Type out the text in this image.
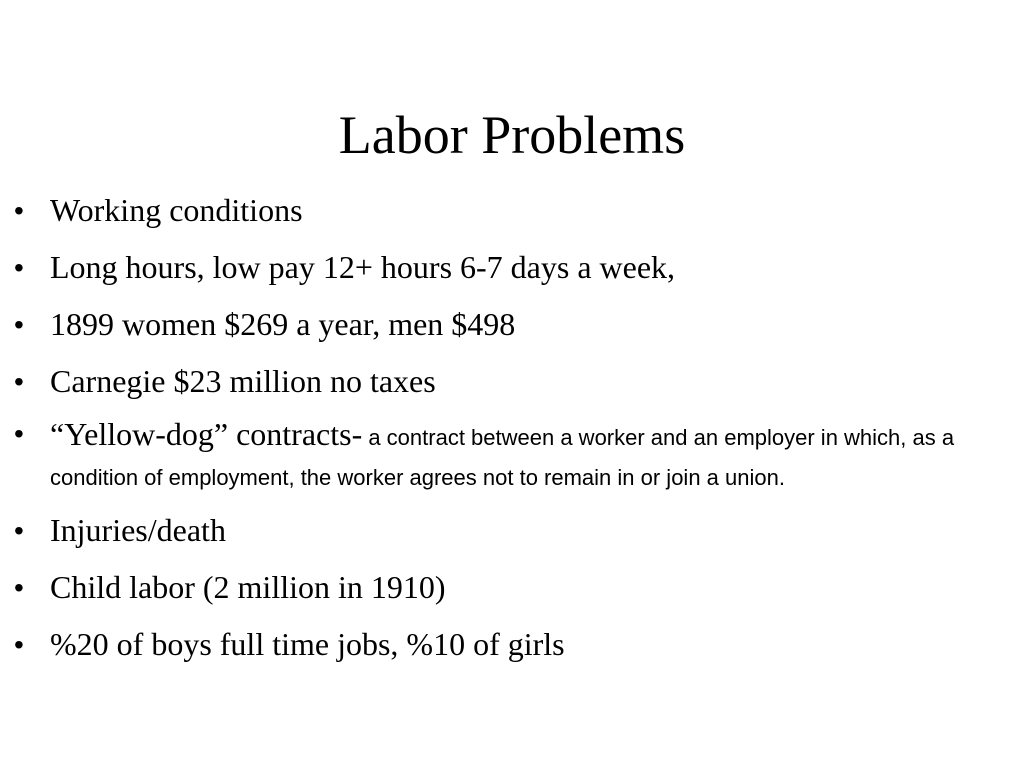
Labor Problems
• Working conditions
• Long hours, low pay 12+ hours 6-7 days a week,
• 1899 women $269 a year, men $498
• Carnegie $23 million no taxes
• “Yellow-dog” contracts- a contract between a worker and an employer in which, as a condition of employment, the worker agrees not to remain in or join a union.
• Injuries/death
• Child labor (2 million in 1910)
• %20 of boys full time jobs, %10 of girls
